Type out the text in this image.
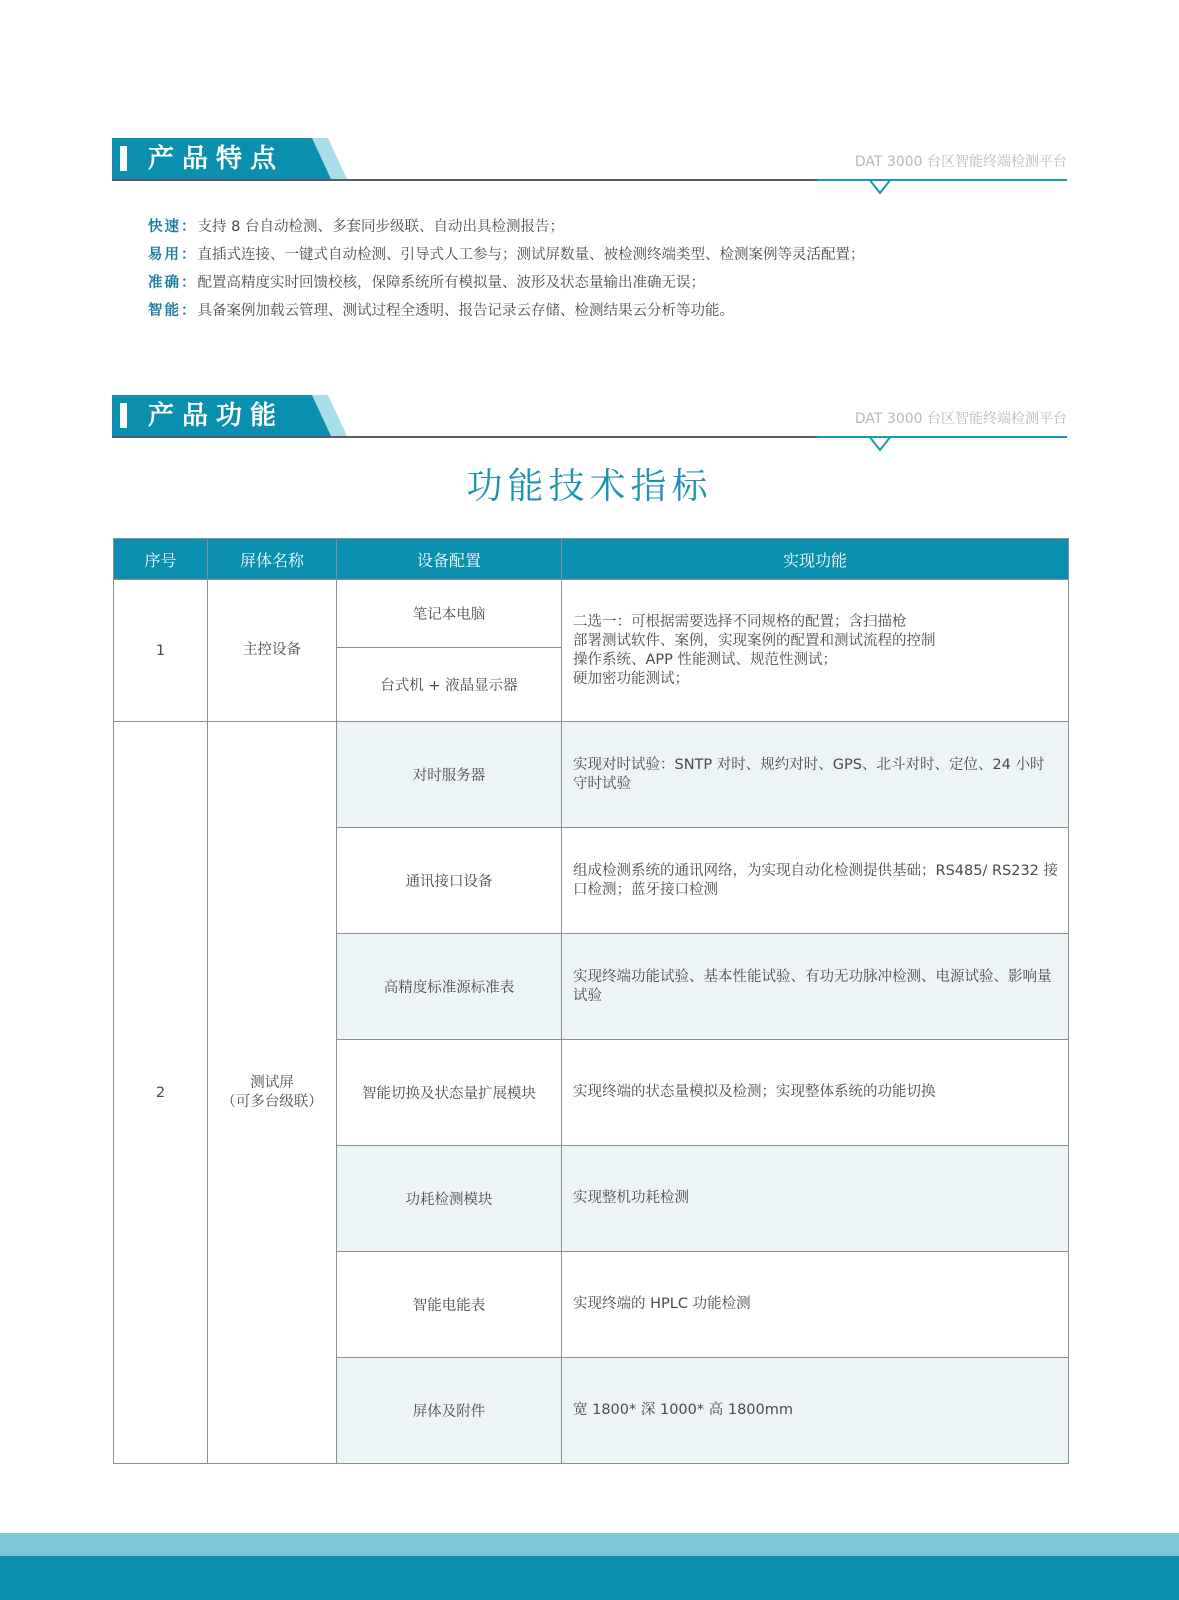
产品特点	DAT 3000 台区智能终端检测平台
快速：支持 8 台自动检测、多套同步级联、自动出具检测报告；
易用：直插式连接、一键式自动检测、引导式人工参与；测试屏数量、被检测终端类型、检测案例等灵活配置；
准确：配置高精度实时回馈校核，保障系统所有模拟量、波形及状态量输出准确无误；
智能：具备案例加载云管理、测试过程全透明、报告记录云存储、检测结果云分析等功能。
产品功能	DAT 3000 台区智能终端检测平台
功能技术指标
序号	屏体名称	设备配置	实现功能
1	主控设备	笔记本电脑	二选一：可根据需要选择不同规格的配置；含扫描枪
部署测试软件、案例，实现案例的配置和测试流程的控制
操作系统、APP 性能测试、规范性测试；
硬加密功能测试；

		台式机 + 液晶显示器	
2	测试屏
（可多台级联）	对时服务器	实现对时试验：SNTP 对时、规约对时、GPS、北斗对时、定位、24 小时守时试验
		通讯接口设备	组成检测系统的通讯网络，为实现自动化检测提供基础；RS485/ RS232 接口检测；蓝牙接口检测
		高精度标准源标准表	实现终端功能试验、基本性能试验、有功无功脉冲检测、电源试验、影响量试验
		智能切换及状态量扩展模块	实现终端的状态量模拟及检测；实现整体系统的功能切换
		功耗检测模块	实现整机功耗检测
		智能电能表	实现终端的 HPLC 功能检测
		屏体及附件	宽 1800* 深 1000* 高 1800mm
